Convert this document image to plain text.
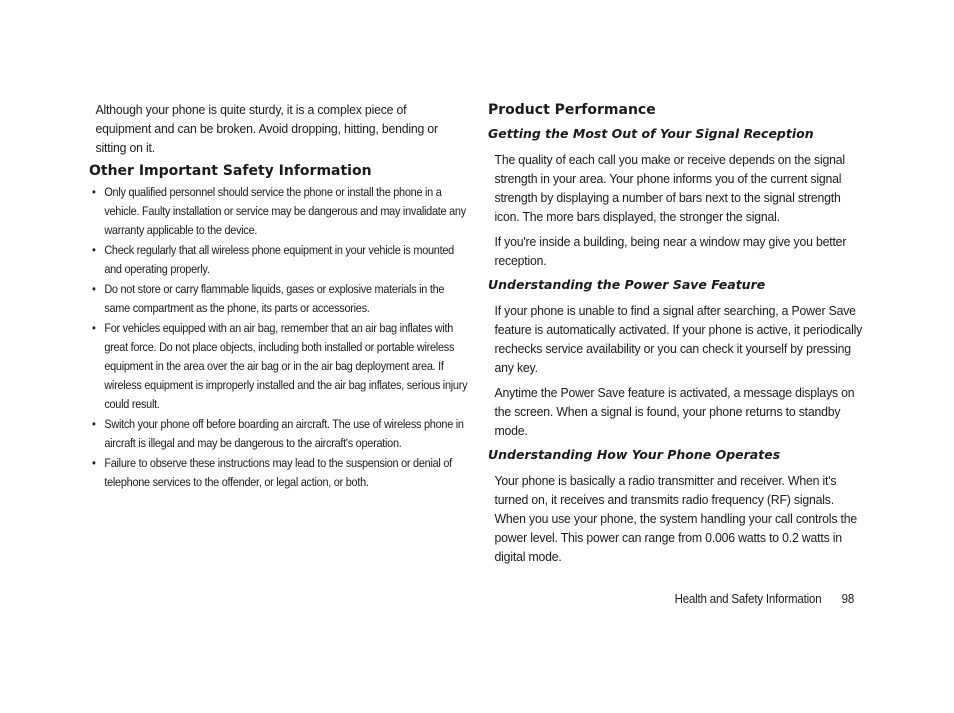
Although your phone is quite sturdy, it is a complex piece of equipment and can be broken. Avoid dropping, hitting, bending or sitting on it.

Other Important Safety Information
• Only qualified personnel should service the phone or install the phone in a vehicle. Faulty installation or service may be dangerous and may invalidate any warranty applicable to the device.
• Check regularly that all wireless phone equipment in your vehicle is mounted and operating properly.
• Do not store or carry flammable liquids, gases or explosive materials in the same compartment as the phone, its parts or accessories.
• For vehicles equipped with an air bag, remember that an air bag inflates with great force. Do not place objects, including both installed or portable wireless equipment in the area over the air bag or in the air bag deployment area. If wireless equipment is improperly installed and the air bag inflates, serious injury could result.
• Switch your phone off before boarding an aircraft. The use of wireless phone in aircraft is illegal and may be dangerous to the aircraft's operation.
• Failure to observe these instructions may lead to the suspension or denial of telephone services to the offender, or legal action, or both.
Product Performance
Getting the Most Out of Your Signal Reception

The quality of each call you make or receive depends on the signal strength in your area. Your phone informs you of the current signal strength by displaying a number of bars next to the signal strength icon. The more bars displayed, the stronger the signal.

If you're inside a building, being near a window may give you better reception.

Understanding the Power Save Feature

If your phone is unable to find a signal after searching, a Power Save feature is automatically activated. If your phone is active, it periodically rechecks service availability or you can check it yourself by pressing any key.

Anytime the Power Save feature is activated, a message displays on the screen. When a signal is found, your phone returns to standby mode.

Understanding How Your Phone Operates

Your phone is basically a radio transmitter and receiver. When it's turned on, it receives and transmits radio frequency (RF) signals. When you use your phone, the system handling your call controls the power level. This power can range from 0.006 watts to 0.2 watts in digital mode.

Health and Safety Information 98
